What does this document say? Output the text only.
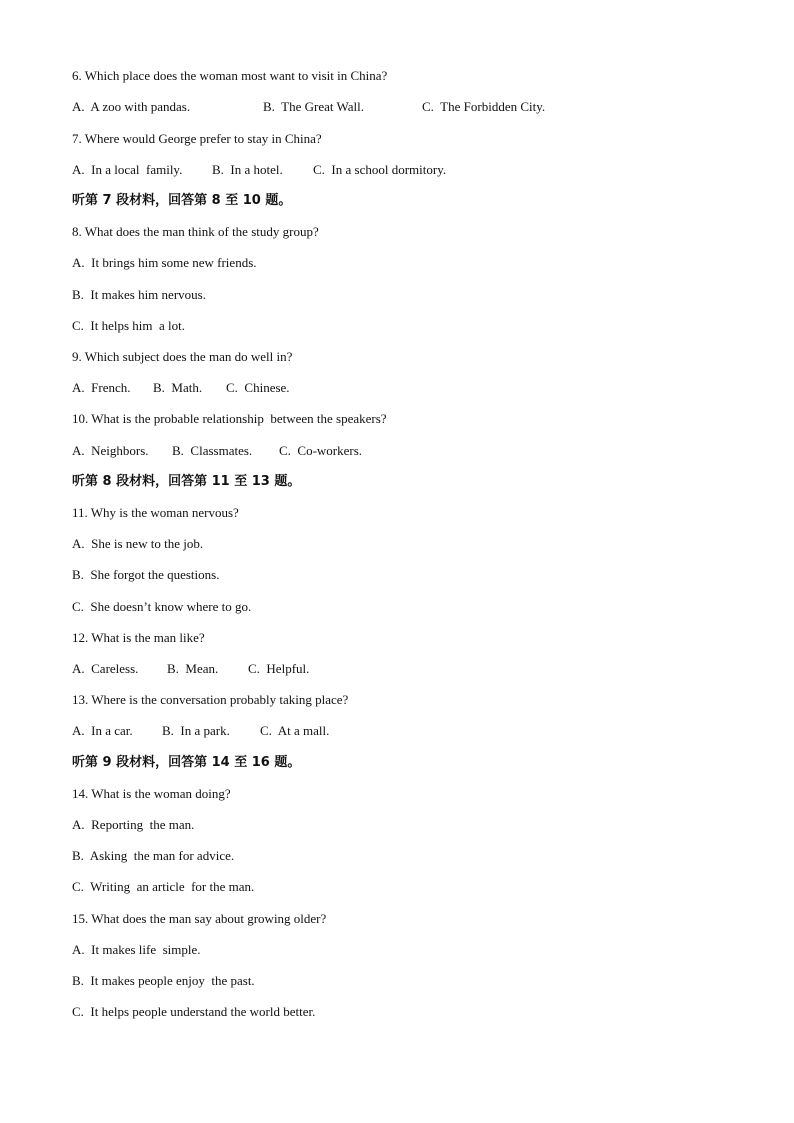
6. Which place does the woman most want to visit in China?

A.  A zoo with pandas.

	B.  The Great Wall.

	C.  The Forbidden City.

7. Where would George prefer to stay in China?

A.  In a local  family.

B.  In a hotel.

C.  In a school dormitory.

听第 7 段材料，回答第 8 至 10 题。

8. What does the man think of the study group?

A.  It brings him some new friends.

B.  It makes him nervous.

C.  It helps him  a lot.

9. Which subject does the man do well in?

A.  French.

B.  Math.

C.  Chinese.

10. What is the probable relationship  between the speakers?

A.  Neighbors.

B.  Classmates.

C.  Co-workers.

听第 8 段材料，回答第 11 至 13 题。

11. Why is the woman nervous?

A.  She is new to the job.

B.  She forgot the questions.

C.  She doesn’t know where to go.

12. What is the man like?

A.  Careless.

B.  Mean.

C.  Helpful.

13. Where is the conversation probably taking place?

A.  In a car.

B.  In a park.

C.  At a mall.

听第 9 段材料，回答第 14 至 16 题。

14. What is the woman doing?

A.  Reporting  the man.

B.  Asking  the man for advice.

C.  Writing  an article  for the man.

15. What does the man say about growing older?

A.  It makes life  simple.

B.  It makes people enjoy  the past.

C.  It helps people understand the world better.
